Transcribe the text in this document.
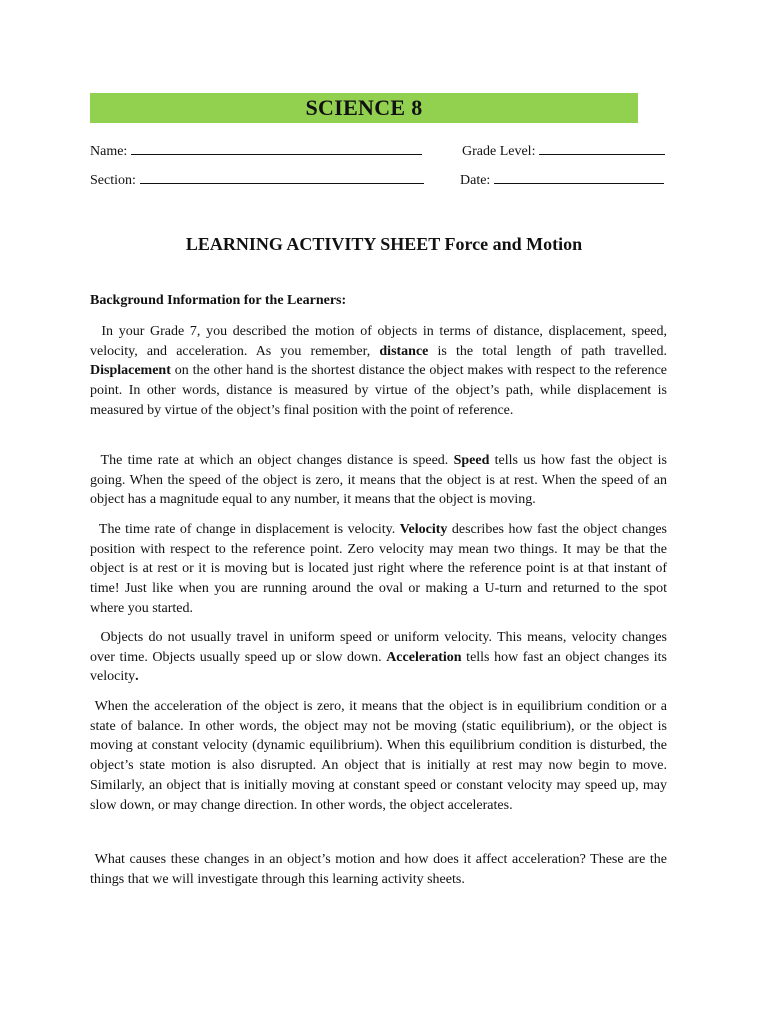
SCIENCE 8
Name:	Grade Level:
Section:	Date:
LEARNING ACTIVITY SHEET Force and Motion
Background Information for the Learners:

In your Grade 7, you described the motion of objects in terms of distance, displacement, speed, velocity, and acceleration. As you remember, distance is the total length of path travelled. Displacement on the other hand is the shortest distance the object makes with respect to the reference point. In other words, distance is measured by virtue of the object’s path, while displacement is measured by virtue of the object’s final position with the point of reference.

The time rate at which an object changes distance is speed. Speed tells us how fast the object is going. When the speed of the object is zero, it means that the object is at rest. When the speed of an object has a magnitude equal to any number, it means that the object is moving.

The time rate of change in displacement is velocity. Velocity describes how fast the object changes position with respect to the reference point. Zero velocity may mean two things. It may be that the object is at rest or it is moving but is located just right where the reference point is at that instant of time! Just like when you are running around the oval or making a U-turn and returned to the spot where you started.

Objects do not usually travel in uniform speed or uniform velocity. This means, velocity changes over time. Objects usually speed up or slow down. Acceleration tells how fast an object changes its velocity.

When the acceleration of the object is zero, it means that the object is in equilibrium condition or a state of balance. In other words, the object may not be moving (static equilibrium), or the object is moving at constant velocity (dynamic equilibrium). When this equilibrium condition is disturbed, the object’s state motion is also disrupted. An object that is initially at rest may now begin to move. Similarly, an object that is initially moving at constant speed or constant velocity may speed up, may slow down, or may change direction. In other words, the object accelerates.

What causes these changes in an object’s motion and how does it affect acceleration? These are the things that we will investigate through this learning activity sheets.
